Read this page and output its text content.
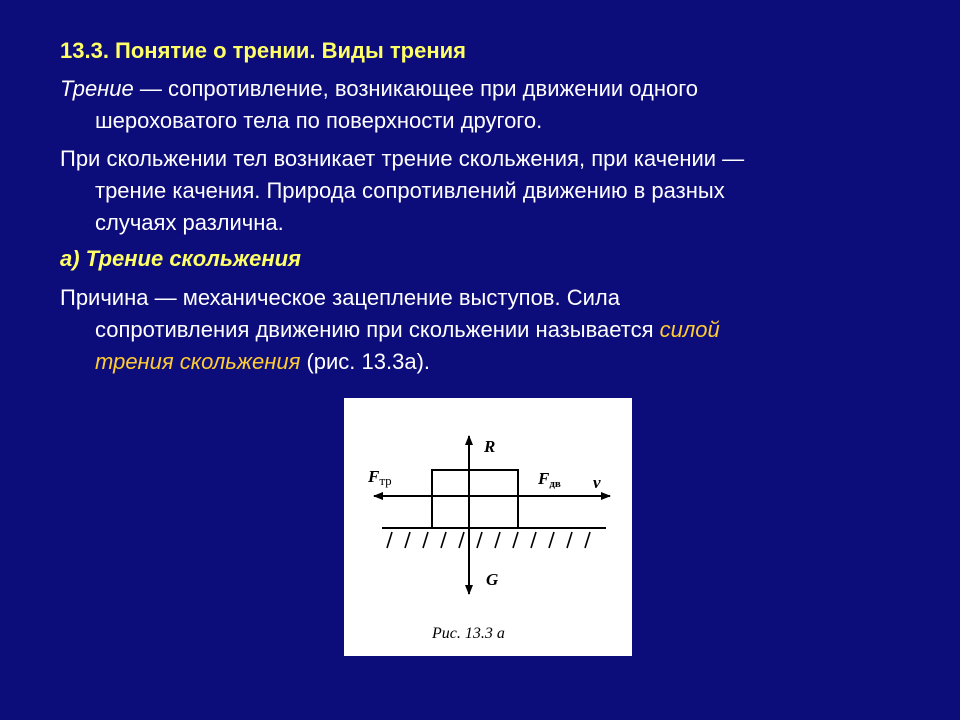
13.3. Понятие о трении. Виды трения

Трение — сопротивление, возникающее при движении одного
шероховатого тела по поверхности другого.

При скольжении тел возникает трение скольжения, при качении —
трение качения. Природа сопротивлений движению в разных
случаях различна.

а) Трение скольжения

Причина — механическое зацепление выступов. Сила
сопротивления движению при скольжении называется силой
трения скольжения (рис. 13.3а).

R
G
Fтр	Fдв v
Рис. 13.3 а
